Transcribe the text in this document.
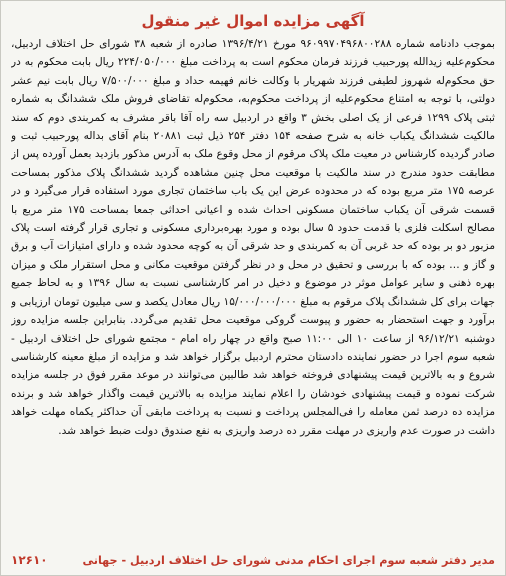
آگهی مزایده اموال غیر منقول
بموجب دادنامه شماره ۹۶۰۹۹۷۰۴۹۶۸۰۰۲۸۸ مورخ ۱۳۹۶/۴/۲۱ صادره از شعبه ۳۸ شورای حل اختلاف اردبیل، محکوم‌علیه زیدالله پورحبیب فرزند فرمان محکوم است به پرداخت مبلغ ۲۲۴/۰۵۰/۰۰۰ ریال بابت محکوم به در حق محکوم‌له شهروز لطیفی فرزند شهریار با وکالت خانم فهیمه حداد و مبلغ ۷/۵۰۰/۰۰۰ ریال بابت نیم عشر دولتی، با توجه به امتناع محکوم‌علیه از پرداخت محکوم‌به، محکوم‌له تقاضای فروش ملک ششدانگ به شماره ثبتی پلاک ۱۲۹۹ فرعی از یک اصلی بخش ۳ واقع در اردبیل سه راه آقا باقر مشرف به کمربندی دوم که سند مالکیت ششدانگ یکباب خانه به شرح صفحه ۱۵۴ دفتر ۲۵۴ ذیل ثبت ۲۰۸۸۱ بنام آقای بداله پورحبیب ثبت و صادر گردیده کارشناس در معیت ملک پلاک مرقوم از محل وقوع ملک به آدرس مذکور بازدید بعمل آورده پس از مطابقت حدود مندرج در سند مالکیت با موقعیت محل چنین مشاهده گردید ششدانگ پلاک مذکور بمساحت عرصه ۱۷۵ متر مربع بوده که در محدوده عرض این یک باب ساختمان تجاری مورد استفاده قرار می‌گیرد و در قسمت شرقی آن یکباب ساختمان مسکونی احداث شده و اعیانی احداثی جمعا بمساحت ۱۷۵ متر مربع با مصالح اسکلت فلزی با قدمت حدود ۵ سال بوده و مورد بهره‌برداری مسکونی و تجاری قرار گرفته است پلاک مزبور دو بر بوده که حد غربی آن به کمربندی و حد شرقی آن به کوچه محدود شده و دارای امتیازات آب و برق و گاز و … بوده که با بررسی و تحقیق در محل و در نظر گرفتن موقعیت مکانی و محل استقرار ملک و میزان بهره ذهنی و سایر عوامل موثر در موضوع و دخیل در امر کارشناسی نسبت به سال ۱۳۹۶ و به لحاظ جمیع جهات برای کل ششدانگ پلاک مرقوم به مبلغ ۱۵/۰۰۰/۰۰۰/۰۰۰ ریال معادل یکصد و سی میلیون تومان ارزیابی و برآورد و جهت استحضار به حضور و پیوست گروکی موقعیت محل تقدیم می‌گردد. بنابراین جلسه مزایده روز دوشنبه ۹۶/۱۲/۲۱ از ساعت ۱۰ الی ۱۱:۰۰ صبح واقع در چهار راه امام - مجتمع شورای حل اختلاف اردبیل - شعبه سوم اجرا در حضور نماینده دادستان محترم اردبیل برگزار خواهد شد و مزایده از مبلغ معینه کارشناسی شروع و به بالاترین قیمت پیشنهادی فروخته خواهد شد طالبین می‌توانند در موعد مقرر فوق در جلسه مزایده شرکت نموده و قیمت پیشنهادی خودشان را اعلام نمایند مزایده به بالاترین قیمت واگذار خواهد شد و برنده مزایده ده درصد ثمن معامله را فی‌المجلس پرداخت و نسبت به پرداخت مابقی آن حداکثر یکماه مهلت خواهد داشت در صورت عدم واریزی در مهلت مقرر ده درصد واریزی به نفع صندوق دولت ضبط خواهد شد.
مدیر دفتر شعبه سوم اجرای احکام مدنی شورای حل اختلاف اردبیل - جهانی
۱۲۶۱۰
